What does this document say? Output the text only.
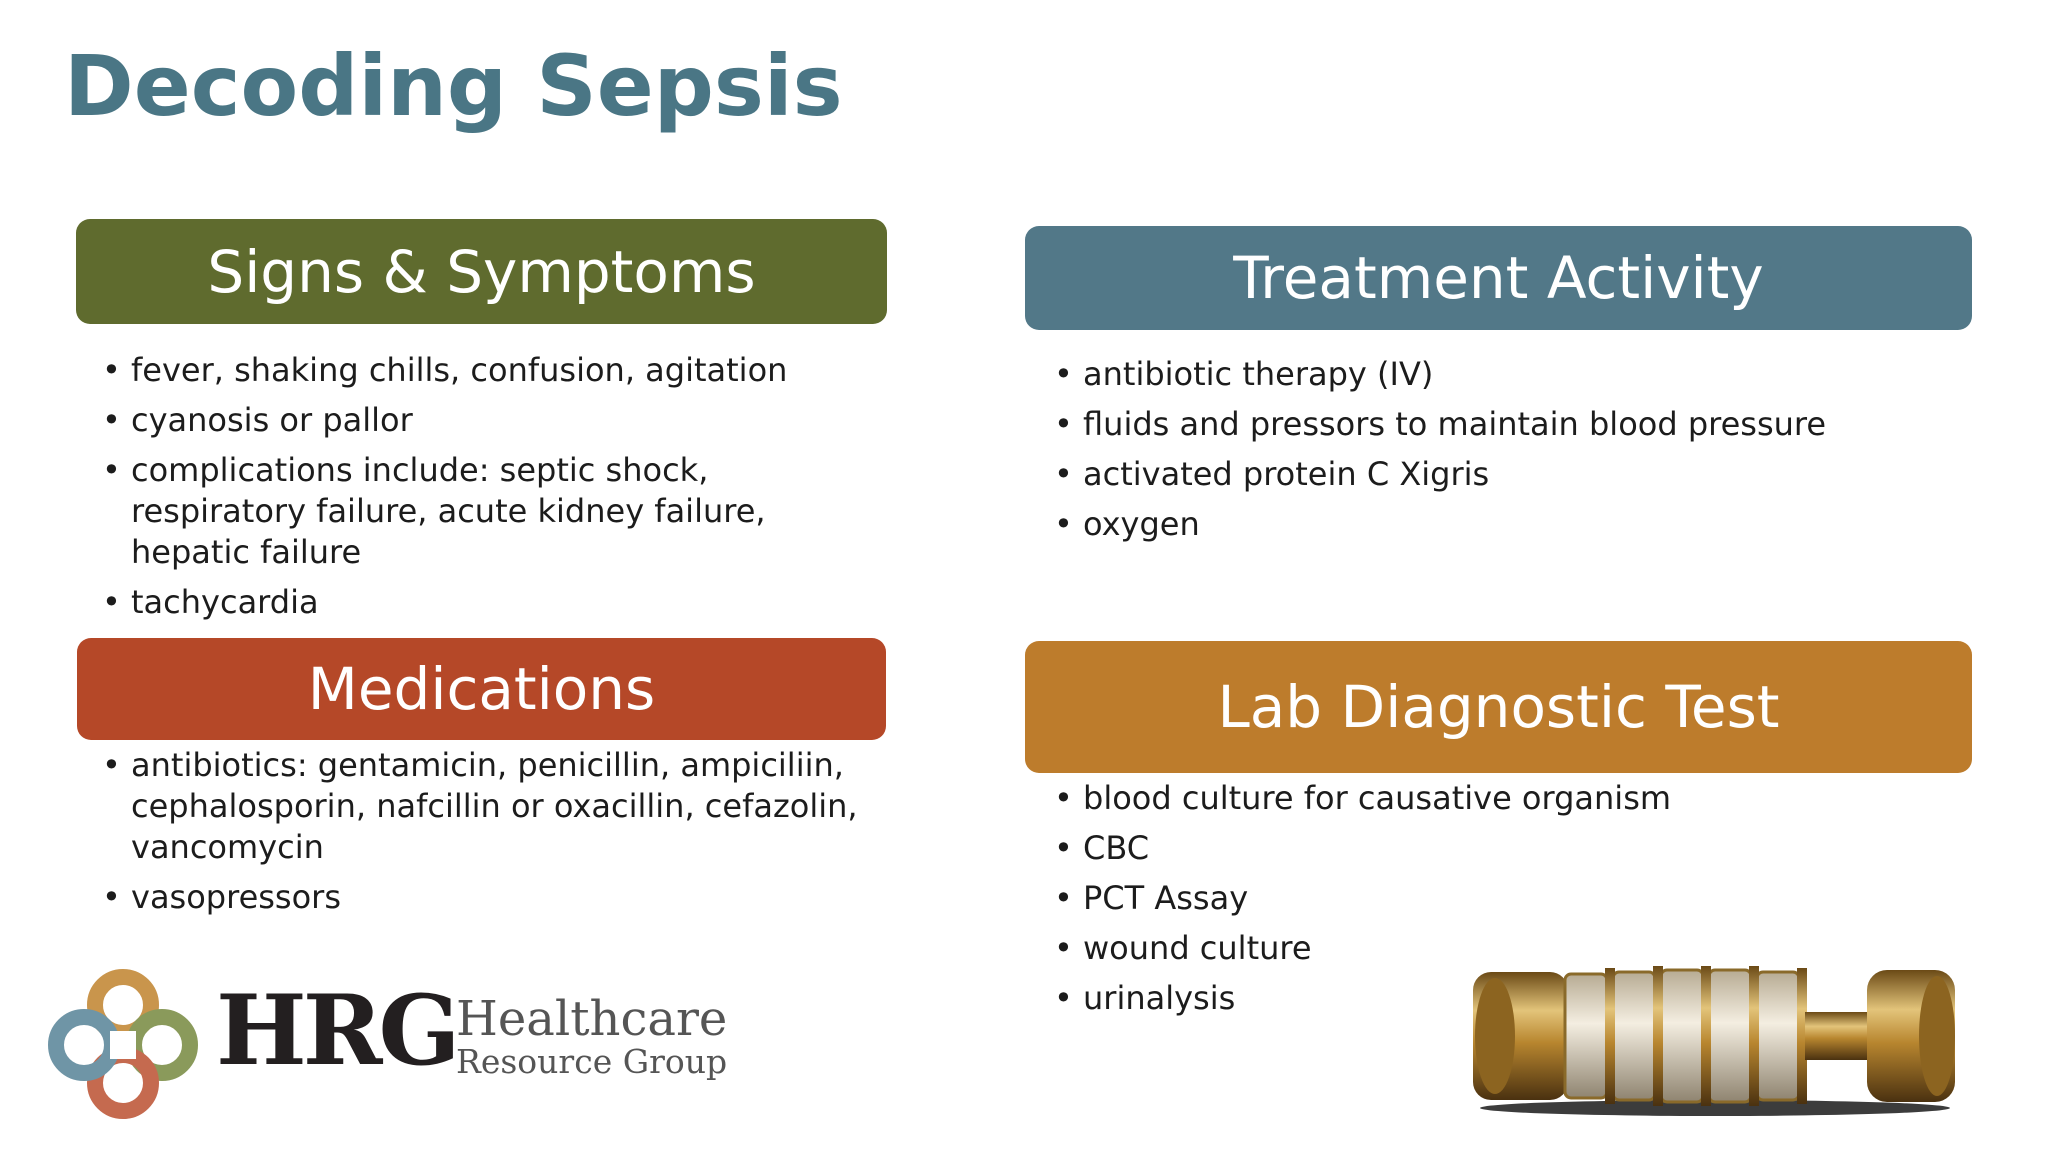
Decoding Sepsis
Signs & Symptoms
• fever, shaking chills, confusion, agitation
• cyanosis or pallor
• complications include: septic shock, respiratory failure, acute kidney failure, hepatic failure
• tachycardia
Medications
• antibiotics: gentamicin, penicillin, ampiciliin, cephalosporin, nafcillin or oxacillin, cefazolin, vancomycin
• vasopressors
Treatment Activity
• antibiotic therapy (IV)
• fluids and pressors to maintain blood pressure
• activated protein C Xigris
• oxygen
Lab Diagnostic Test
• blood culture for causative organism
• CBC
• PCT Assay
• wound culture
• urinalysis
HRG Healthcare
Resource Group
